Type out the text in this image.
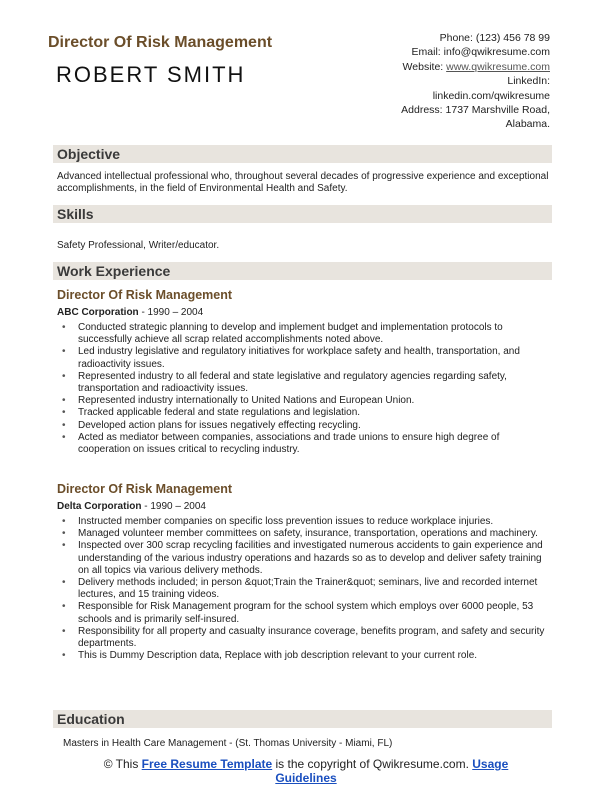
Director Of Risk Management
ROBERT SMITH
Phone: (123) 456 78 99
Email: info@qwikresume.com
Website: www.qwikresume.com
LinkedIn:
linkedin.com/qwikresume
Address: 1737 Marshville Road,
Alabama.
Objective

Advanced intellectual professional who, throughout several decades of progressive experience and exceptional accomplishments, in the field of Environmental Health and Safety.

Skills

Safety Professional, Writer/educator.

Work Experience
Director Of Risk Management
ABC Corporation - 1990 – 2004
• Conducted strategic planning to develop and implement budget and implementation protocols to successfully achieve all scrap related accomplishments noted above.
• Led industry legislative and regulatory initiatives for workplace safety and health, transportation, and radioactivity issues.
• Represented industry to all federal and state legislative and regulatory agencies regarding safety, transportation and radioactivity issues.
• Represented industry internationally to United Nations and European Union.
• Tracked applicable federal and state regulations and legislation.
• Developed action plans for issues negatively effecting recycling.
• Acted as mediator between companies, associations and trade unions to ensure high degree of cooperation on issues critical to recycling industry.
Director Of Risk Management
Delta Corporation - 1990 – 2004
• Instructed member companies on specific loss prevention issues to reduce workplace injuries.
• Managed volunteer member committees on safety, insurance, transportation, operations and machinery.
• Inspected over 300 scrap recycling facilities and investigated numerous accidents to gain experience and understanding of the various industry operations and hazards so as to develop and deliver safety training on all topics via various delivery methods.
• Delivery methods included; in person &quot;Train the Trainer&quot; seminars, live and recorded internet lectures, and 15 training videos.
• Responsible for Risk Management program for the school system which employs over 6000 people, 53 schools and is primarily self-insured.
• Responsibility for all property and casualty insurance coverage, benefits program, and safety and security departments.
• This is Dummy Description data, Replace with job description relevant to your current role.
Education

Masters in Health Care Management - (St. Thomas University - Miami, FL)

© This Free Resume Template is the copyright of Qwikresume.com. Usage
Guidelines
